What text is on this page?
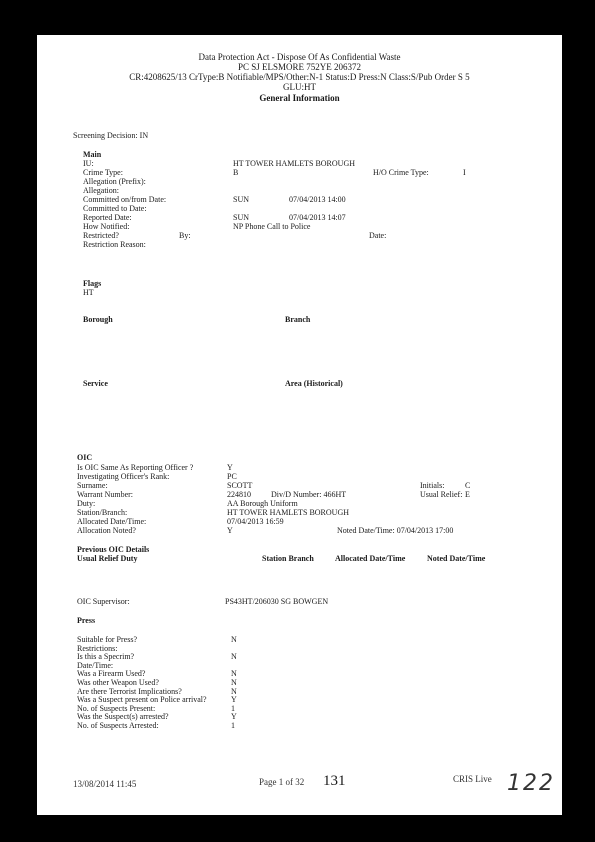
Data Protection Act - Dispose Of As Confidential Waste
PC SJ ELSMORE 752YE 206372
CR:4208625/13 CrType:B Notifiable/MPS/Other:N-1 Status:D Press:N Class:S/Pub Order S 5
GLU:HT
General Information
Screening Decision: IN
Main
IU:	HT TOWER HAMLETS BOROUGH
Crime Type:	B	H/O Crime Type:	I
Allegation (Prefix):
Allegation:
Committed on/from Date:	SUN	07/04/2013 14:00
Committed to Date:
Reported Date:	SUN	07/04/2013 14:07
How Notified:	NP Phone Call to Police
Restricted?	By:	Date:
Restriction Reason:
Flags
HT
Borough	Branch
Service	Area (Historical)
OIC
Is OIC Same As Reporting Officer ?	Y
Investigating Officer's Rank:	PC
Surname:	SCOTT	Initials:	C
Warrant Number:	224810	Div/D Number: 466HT	Usual Relief: E
Duty:	AA Borough Uniform
Station/Branch:	HT TOWER HAMLETS BOROUGH
Allocated Date/Time:	07/04/2013 16:59
Allocation Noted?	Y	Noted Date/Time: 07/04/2013 17:00
Previous OIC Details
Usual Relief Duty	Station Branch	Allocated Date/Time	Noted Date/Time
OIC Supervisor:	PS43HT/206030 SG BOWGEN
Press
Suitable for Press?	N
Restrictions:
Is this a Specrim?	N
Date/Time:
Was a Firearm Used?	N
Was other Weapon Used?	N
Are there Terrorist Implications?	N
Was a Suspect present on Police arrival?	Y
No. of Suspects Present:	1
Was the Suspect(s) arrested?	Y
No. of Suspects Arrested:	1
13/08/2014 11:45	Page 1 of 32 131	CRIS Live 122
